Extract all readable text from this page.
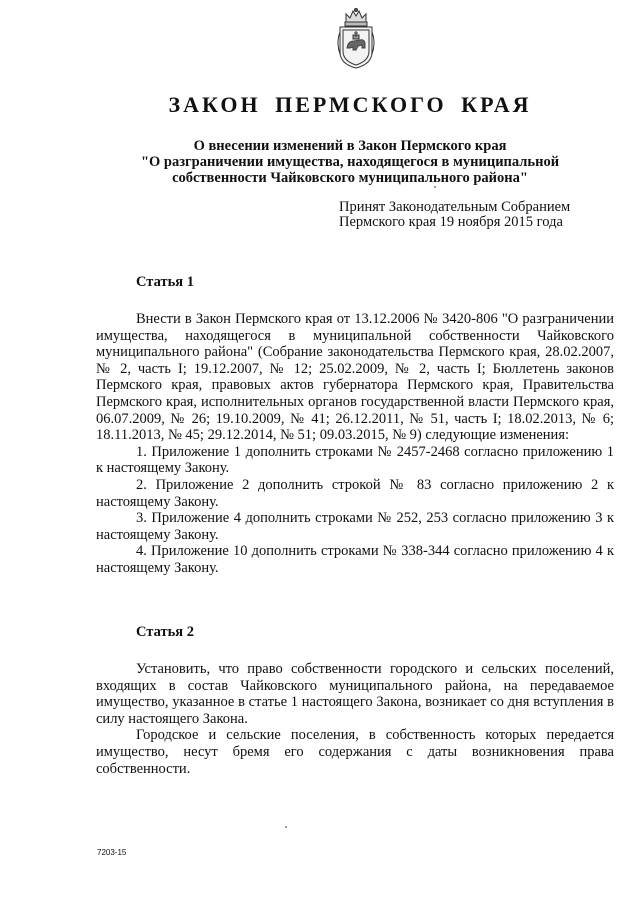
ЗАКОН ПЕРМСКОГО КРАЯ
О внесении изменений в Закон Пермского края
"О разграничении имущества, находящегося в муниципальной
собственности Чайковского муниципального района"
Принят Законодательным Собранием
Пермского края 19 ноября 2015 года
Статья 1

Внести в Закон Пермского края от 13.12.2006 № 3420-806 "О разграничении имущества, находящегося в муниципальной собственности Чайковского муниципального района" (Собрание законодательства Пермского края, 28.02.2007, № 2, часть I; 19.12.2007, № 12; 25.02.2009, № 2, часть I; Бюллетень законов Пермского края, правовых актов губернатора Пермского края, Правительства Пермского края, исполнительных органов государственной власти Пермского края, 06.07.2009, № 26; 19.10.2009, № 41; 26.12.2011, № 51, часть I; 18.02.2013, № 6; 18.11.2013, № 45; 29.12.2014, № 51; 09.03.2015, № 9) следующие изменения:

1. Приложение 1 дополнить строками № 2457-2468 согласно приложению 1 к настоящему Закону.

2. Приложение 2 дополнить строкой № 83 согласно приложению 2 к настоящему Закону.

3. Приложение 4 дополнить строками № 252, 253 согласно приложению 3 к настоящему Закону.

4. Приложение 10 дополнить строками № 338-344 согласно приложению 4 к настоящему Закону.

Статья 2

Установить, что право собственности городского и сельских поселений, входящих в состав Чайковского муниципального района, на передаваемое имущество, указанное в статье 1 настоящего Закона, возникает со дня вступления в силу настоящего Закона.

Городское и сельские поселения, в собственность которых передается имущество, несут бремя его содержания с даты возникновения права собственности.

7203-15
